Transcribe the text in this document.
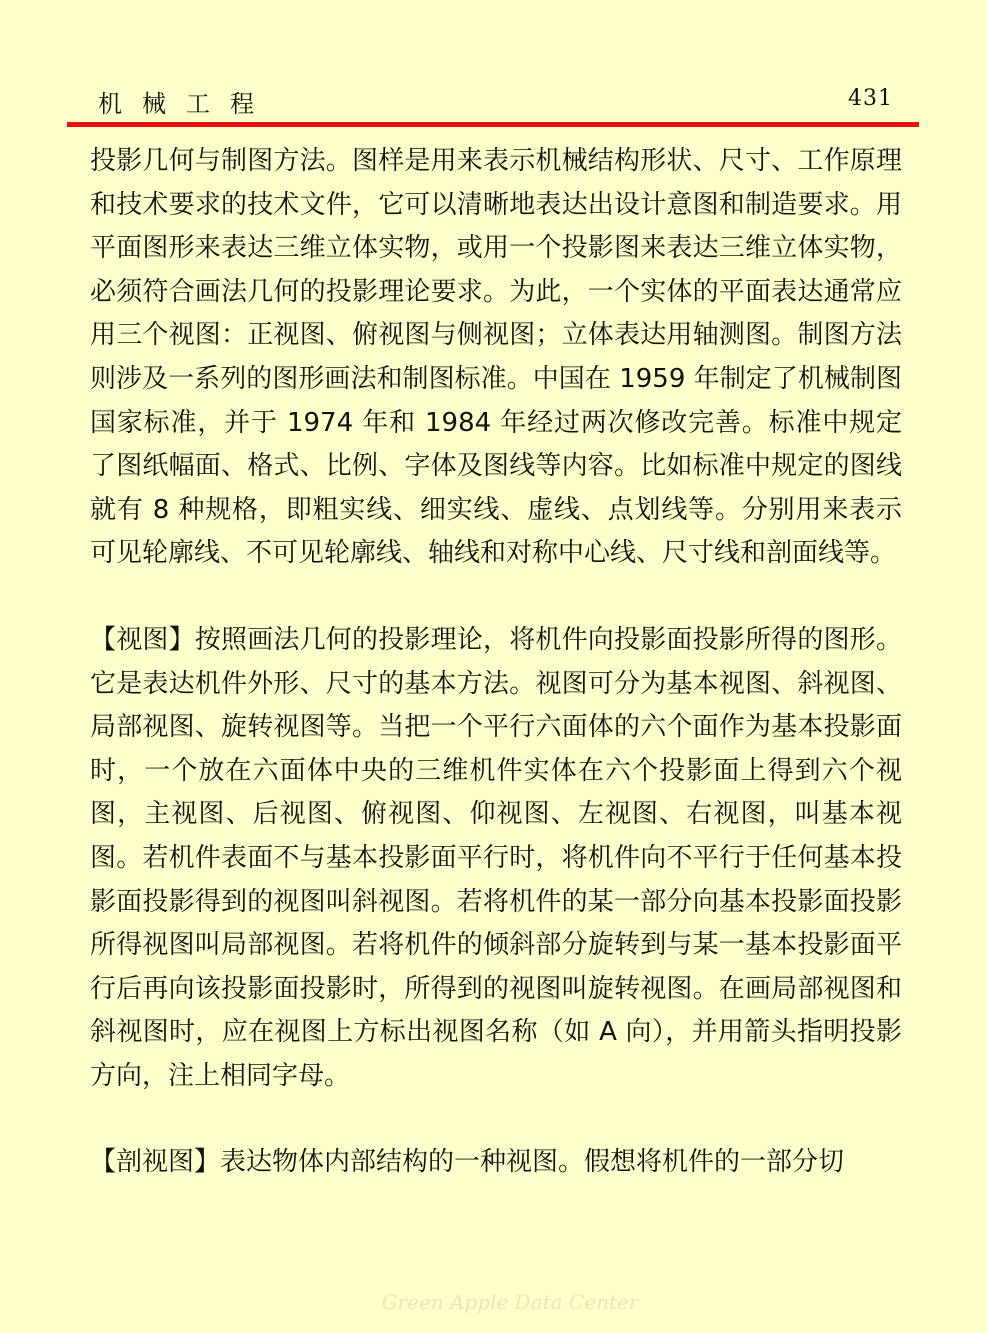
机械工程	431

投影几何与制图方法。图样是用来表示机械结构形状、尺寸、工作原理和技术要求的技术文件，它可以清晰地表达出设计意图和制造要求。用平面图形来表达三维立体实物，或用一个投影图来表达三维立体实物，必须符合画法几何的投影理论要求。为此，一个实体的平面表达通常应用三个视图：正视图、俯视图与侧视图；立体表达用轴测图。制图方法则涉及一系列的图形画法和制图标准。中国在 1959 年制定了机械制图国家标准，并于 1974 年和 1984 年经过两次修改完善。标准中规定了图纸幅面、格式、比例、字体及图线等内容。比如标准中规定的图线就有 8 种规格，即粗实线、细实线、虚线、点划线等。分别用来表示可见轮廓线、不可见轮廓线、轴线和对称中心线、尺寸线和剖面线等。

【视图】按照画法几何的投影理论，将机件向投影面投影所得的图形。它是表达机件外形、尺寸的基本方法。视图可分为基本视图、斜视图、局部视图、旋转视图等。当把一个平行六面体的六个面作为基本投影面时，一个放在六面体中央的三维机件实体在六个投影面上得到六个视图，主视图、后视图、俯视图、仰视图、左视图、右视图，叫基本视图。若机件表面不与基本投影面平行时，将机件向不平行于任何基本投影面投影得到的视图叫斜视图。若将机件的某一部分向基本投影面投影所得视图叫局部视图。若将机件的倾斜部分旋转到与某一基本投影面平行后再向该投影面投影时，所得到的视图叫旋转视图。在画局部视图和斜视图时，应在视图上方标出视图名称（如 A 向），并用箭头指明投影方向，注上相同字母。

【剖视图】表达物体内部结构的一种视图。假想将机件的一部分切

Green Apple Data Center
